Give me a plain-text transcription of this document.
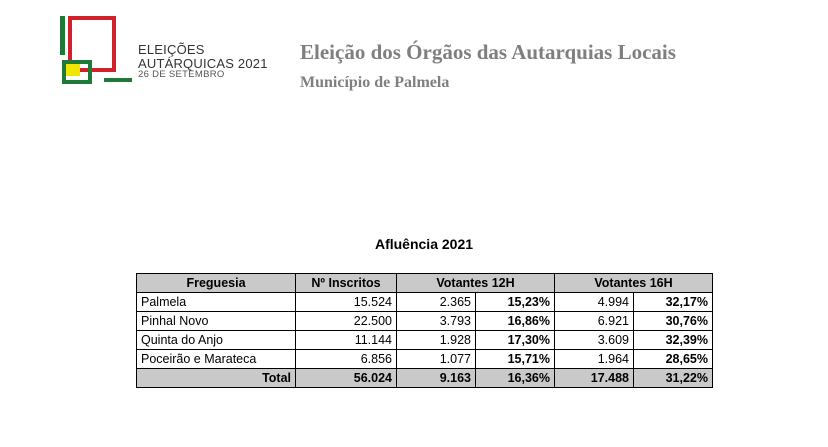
ELEIÇÕES
AUTÁRQUICAS 2021
26 DE SETEMBRO
Eleição dos Órgãos das Autarquias Locais
Município de Palmela
Afluência 2021
Freguesia	Nº Inscritos	Votantes 12H		Votantes 16H	
Palmela	15.524	2.365	15,23%	4.994	32,17%
Pinhal Novo	22.500	3.793	16,86%	6.921	30,76%
Quinta do Anjo	11.144	1.928	17,30%	3.609	32,39%
Poceirão e Marateca	6.856	1.077	15,71%	1.964	28,65%
Total	56.024	9.163	16,36%	17.488	31,22%
